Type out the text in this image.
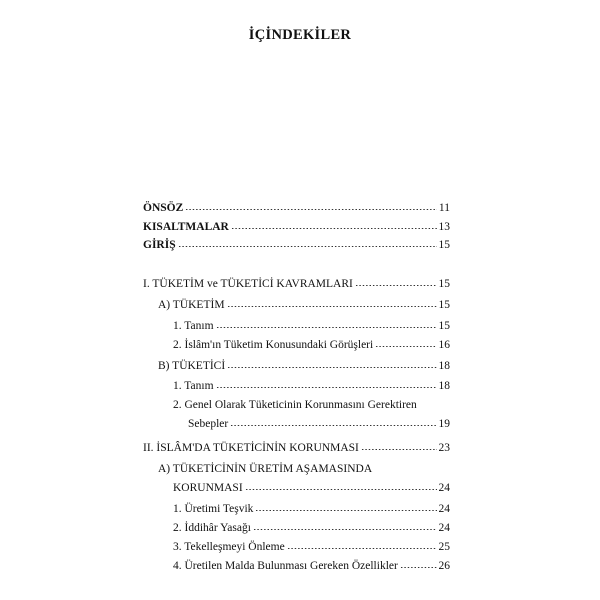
İÇİNDEKİLER
ÖNSÖZ	11
KISALTMALAR	13
GİRİŞ	15
I. TÜKETİM ve TÜKETİCİ KAVRAMLARI	15
A) TÜKETİM	15
1. Tanım	15
2. İslâm'ın Tüketim Konusundaki Görüşleri	16
B) TÜKETİCİ	18
1. Tanım	18
2. Genel Olarak Tüketicinin Korunmasını Gerektiren
Sebepler	19
II. İSLÂM'DA TÜKETİCİNİN KORUNMASI	23
A) TÜKETİCİNİN ÜRETİM AŞAMASINDA
KORUNMASI	24
1. Üretimi Teşvik	24
2. İddihâr Yasağı	24
3. Tekelleşmeyi Önleme	25
4. Üretilen Malda Bulunması Gereken Özellikler	26
